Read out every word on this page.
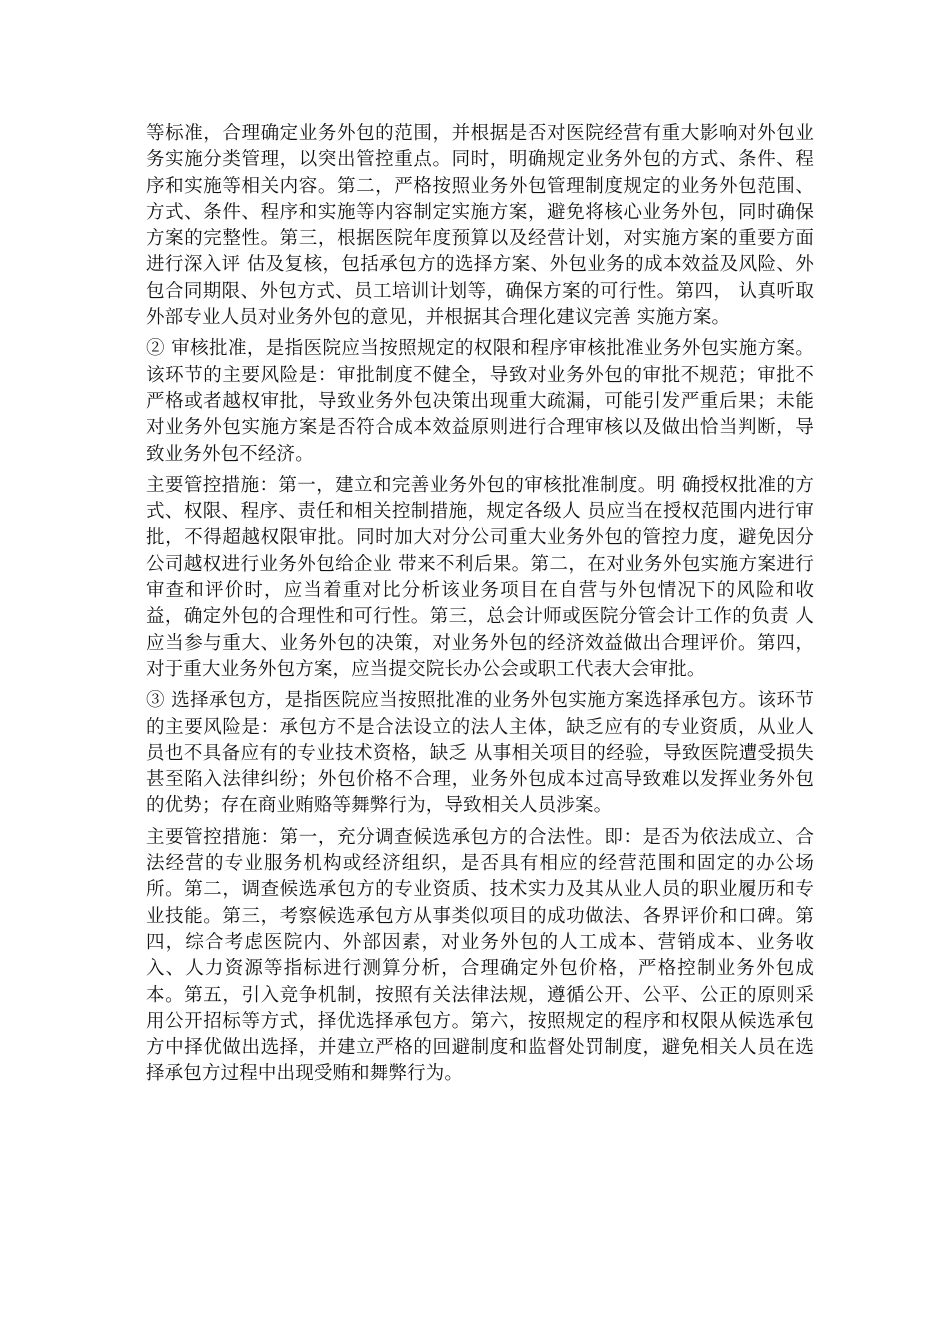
等标准，合理确定业务外包的范围，并根据是否对医院经营有重大影响对外包业务实施分类管理，以突出管控重点。同时，明确规定业务外包的方式、条件、程序和实施等相关内容。第二，严格按照业务外包管理制度规定的业务外包范围、方式、条件、程序和实施等内容制定实施方案，避免将核心业务外包，同时确保方案的完整性。第三，根据医院年度预算以及经营计划，对实施方案的重要方面进行深入评 估及复核，包括承包方的选择方案、外包业务的成本效益及风险、外 包合同期限、外包方式、员工培训计划等，确保方案的可行性。第四， 认真听取外部专业人员对业务外包的意见，并根据其合理化建议完善 实施方案。

② 审核批准，是指医院应当按照规定的权限和程序审核批准业务外包实施方案。该环节的主要风险是：审批制度不健全，导致对业务外包的审批不规范；审批不严格或者越权审批，导致业务外包决策出现重大疏漏，可能引发严重后果；未能对业务外包实施方案是否符合成本效益原则进行合理审核以及做出恰当判断，导致业务外包不经济。

主要管控措施：第一，建立和完善业务外包的审核批准制度。明 确授权批准的方式、权限、程序、责任和相关控制措施，规定各级人 员应当在授权范围内进行审批，不得超越权限审批。同时加大对分公司重大业务外包的管控力度，避免因分公司越权进行业务外包给企业 带来不利后果。第二，在对业务外包实施方案进行审查和评价时，应当着重对比分析该业务项目在自营与外包情况下的风险和收益，确定外包的合理性和可行性。第三，总会计师或医院分管会计工作的负责 人应当参与重大、业务外包的决策，对业务外包的经济效益做出合理评价。第四，对于重大业务外包方案，应当提交院长办公会或职工代表大会审批。

③ 选择承包方，是指医院应当按照批准的业务外包实施方案选择承包方。该环节的主要风险是：承包方不是合法设立的法人主体，缺乏应有的专业资质，从业人员也不具备应有的专业技术资格，缺乏 从事相关项目的经验，导致医院遭受损失甚至陷入法律纠纷；外包价格不合理，业务外包成本过高导致难以发挥业务外包的优势；存在商业贿赂等舞弊行为，导致相关人员涉案。

主要管控措施：第一，充分调查候选承包方的合法性。即：是否为依法成立、合法经营的专业服务机构或经济组织，是否具有相应的经营范围和固定的办公场所。第二，调查候选承包方的专业资质、技术实力及其从业人员的职业履历和专业技能。第三，考察候选承包方从事类似项目的成功做法、各界评价和口碑。第四，综合考虑医院内、外部因素，对业务外包的人工成本、营销成本、业务收入、人力资源等指标进行测算分析，合理确定外包价格，严格控制业务外包成本。第五，引入竞争机制，按照有关法律法规，遵循公开、公平、公正的原则采用公开招标等方式，择优选择承包方。第六，按照规定的程序和权限从候选承包方中择优做出选择，并建立严格的回避制度和监督处罚制度，避免相关人员在选择承包方过程中出现受贿和舞弊行为。
